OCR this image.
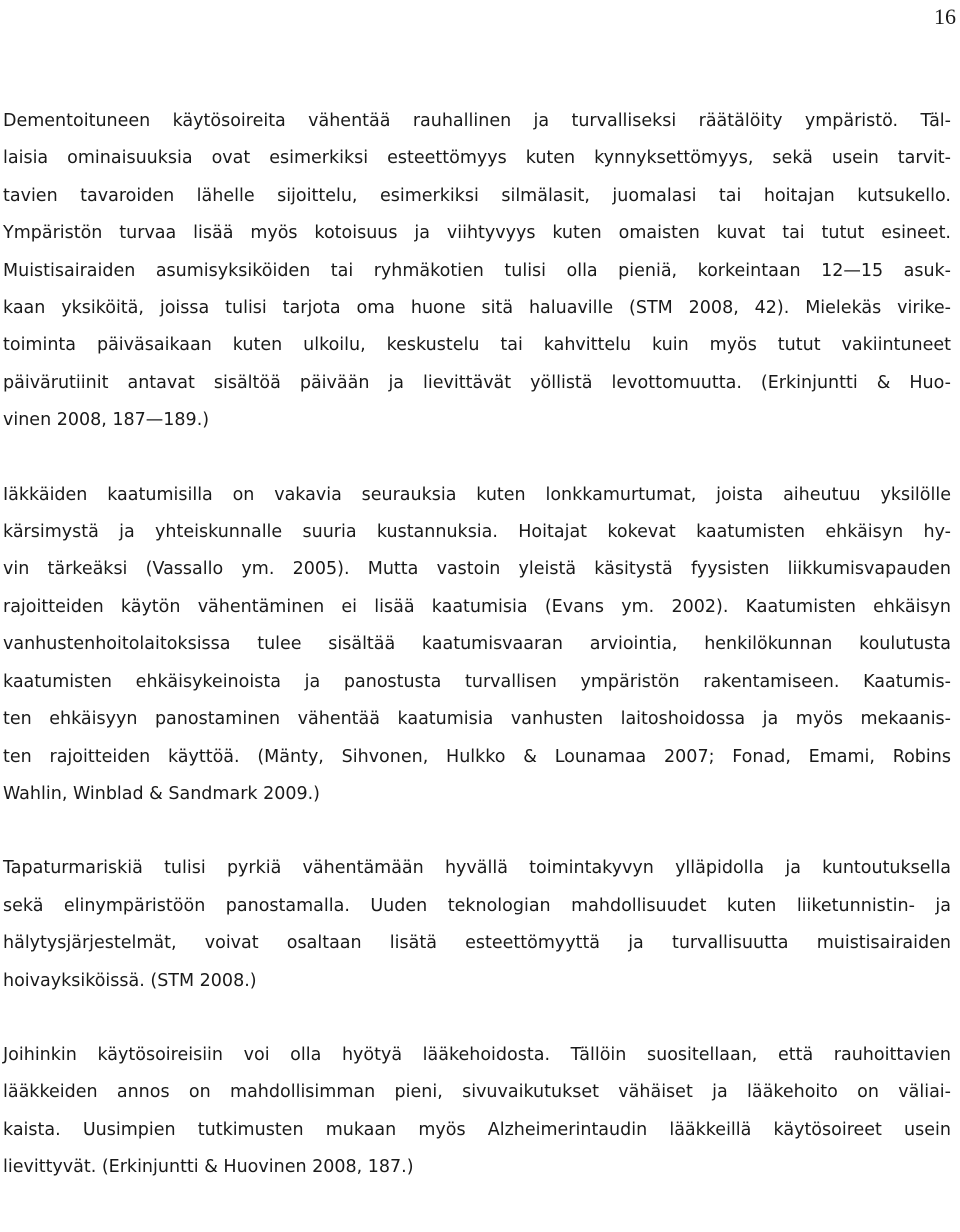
16

Dementoituneen käytösoireita vähentää rauhallinen ja turvalliseksi räätälöity ympäristö. Täl-
laisia ominaisuuksia ovat esimerkiksi esteettömyys kuten kynnyksettömyys, sekä usein tarvit-
tavien tavaroiden lähelle sijoittelu, esimerkiksi silmälasit, juomalasi tai hoitajan kutsukello.
Ympäristön turvaa lisää myös kotoisuus ja viihtyvyys kuten omaisten kuvat tai tutut esineet.
Muistisairaiden asumisyksiköiden tai ryhmäkotien tulisi olla pieniä, korkeintaan 12—15 asuk-
kaan yksiköitä, joissa tulisi tarjota oma huone sitä haluaville (STM 2008, 42). Mielekäs virike-
toiminta päiväsaikaan kuten ulkoilu, keskustelu tai kahvittelu kuin myös tutut vakiintuneet
päivärutiinit antavat sisältöä päivään ja lievittävät yöllistä levottomuutta. (Erkinjuntti & Huo-
vinen 2008, 187—189.)

Iäkkäiden kaatumisilla on vakavia seurauksia kuten lonkkamurtumat, joista aiheutuu yksilölle
kärsimystä ja yhteiskunnalle suuria kustannuksia. Hoitajat kokevat kaatumisten ehkäisyn hy-
vin tärkeäksi (Vassallo ym. 2005). Mutta vastoin yleistä käsitystä fyysisten liikkumisvapauden
rajoitteiden käytön vähentäminen ei lisää kaatumisia (Evans ym. 2002). Kaatumisten ehkäisyn
vanhustenhoitolaitoksissa tulee sisältää kaatumisvaaran arviointia, henkilökunnan koulutusta
kaatumisten ehkäisykeinoista ja panostusta turvallisen ympäristön rakentamiseen. Kaatumis-
ten ehkäisyyn panostaminen vähentää kaatumisia vanhusten laitoshoidossa ja myös mekaanis-
ten rajoitteiden käyttöä. (Mänty, Sihvonen, Hulkko & Lounamaa 2007; Fonad, Emami, Robins
Wahlin, Winblad & Sandmark 2009.)

Tapaturmariskiä tulisi pyrkiä vähentämään hyvällä toimintakyvyn ylläpidolla ja kuntoutuksella
sekä elinympäristöön panostamalla. Uuden teknologian mahdollisuudet kuten liiketunnistin- ja
hälytysjärjestelmät, voivat osaltaan lisätä esteettömyyttä ja turvallisuutta muistisairaiden
hoivayksiköissä. (STM 2008.)

Joihinkin käytösoireisiin voi olla hyötyä lääkehoidosta. Tällöin suositellaan, että rauhoittavien
lääkkeiden annos on mahdollisimman pieni, sivuvaikutukset vähäiset ja lääkehoito on väliai-
kaista. Uusimpien tutkimusten mukaan myös Alzheimerintaudin lääkkeillä käytösoireet usein
lievittyvät. (Erkinjuntti & Huovinen 2008, 187.)
